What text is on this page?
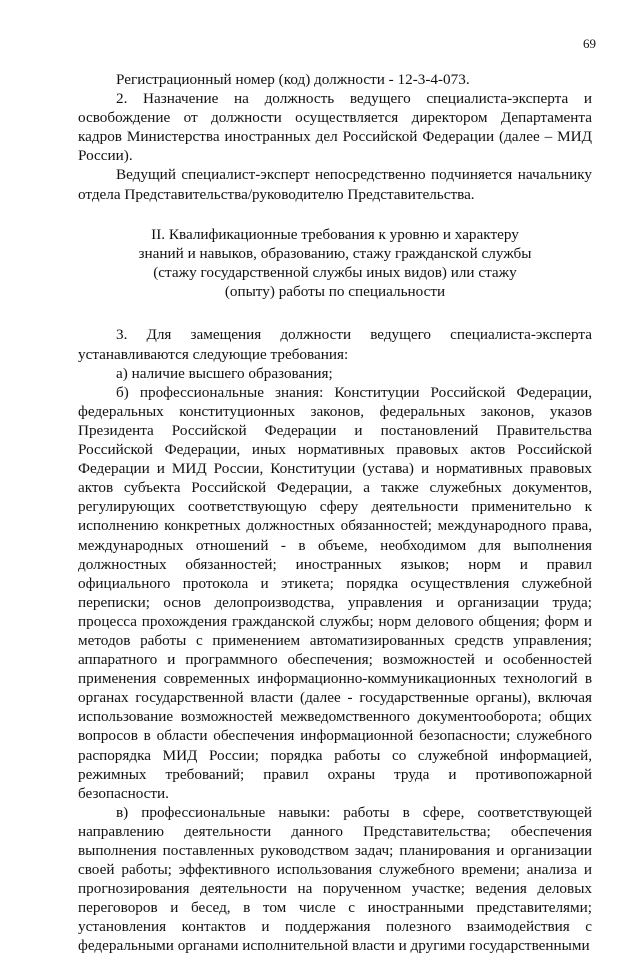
69

Регистрационный номер (код) должности - 12-3-4-073.

2. Назначение на должность ведущего специалиста-эксперта и освобождение от должности осуществляется директором Департамента кадров Министерства иностранных дел Российской Федерации (далее – МИД России).

Ведущий специалист-эксперт непосредственно подчиняется начальнику отдела Представительства/руководителю Представительства.

II. Квалификационные требования к уровню и характеру
знаний и навыков, образованию, стажу гражданской службы
(стажу государственной службы иных видов) или стажу
(опыту) работы по специальности

3. Для замещения должности ведущего специалиста-эксперта устанавливаются следующие требования:

а) наличие высшего образования;

б) профессиональные знания: Конституции Российской Федерации, федеральных конституционных законов, федеральных законов, указов Президента Российской Федерации и постановлений Правительства Российской Федерации, иных нормативных правовых актов Российской Федерации и МИД России, Конституции (устава) и нормативных правовых актов субъекта Российской Федерации, а также служебных документов, регулирующих соответствующую сферу деятельности применительно к исполнению конкретных должностных обязанностей; международного права, международных отношений - в объеме, необходимом для выполнения должностных обязанностей; иностранных языков; норм и правил официального протокола и этикета; порядка осуществления служебной переписки; основ делопроизводства, управления и организации труда; процесса прохождения гражданской службы; норм делового общения; форм и методов работы с применением автоматизированных средств управления; аппаратного и программного обеспечения; возможностей и особенностей применения современных информационно-коммуникационных технологий в органах государственной власти (далее - государственные органы), включая использование возможностей межведомственного документооборота; общих вопросов в области обеспечения информационной безопасности; служебного распорядка МИД России; порядка работы со служебной информацией, режимных требований; правил охраны труда и противопожарной безопасности.

в) профессиональные навыки: работы в сфере, соответствующей направлению деятельности данного Представительства; обеспечения выполнения поставленных руководством задач; планирования и организации своей работы; эффективного использования служебного времени; анализа и прогнозирования деятельности на порученном участке; ведения деловых переговоров и бесед, в том числе с иностранными представителями; установления контактов и поддержания полезного взаимодействия с федеральными органами исполнительной власти и другими государственными
